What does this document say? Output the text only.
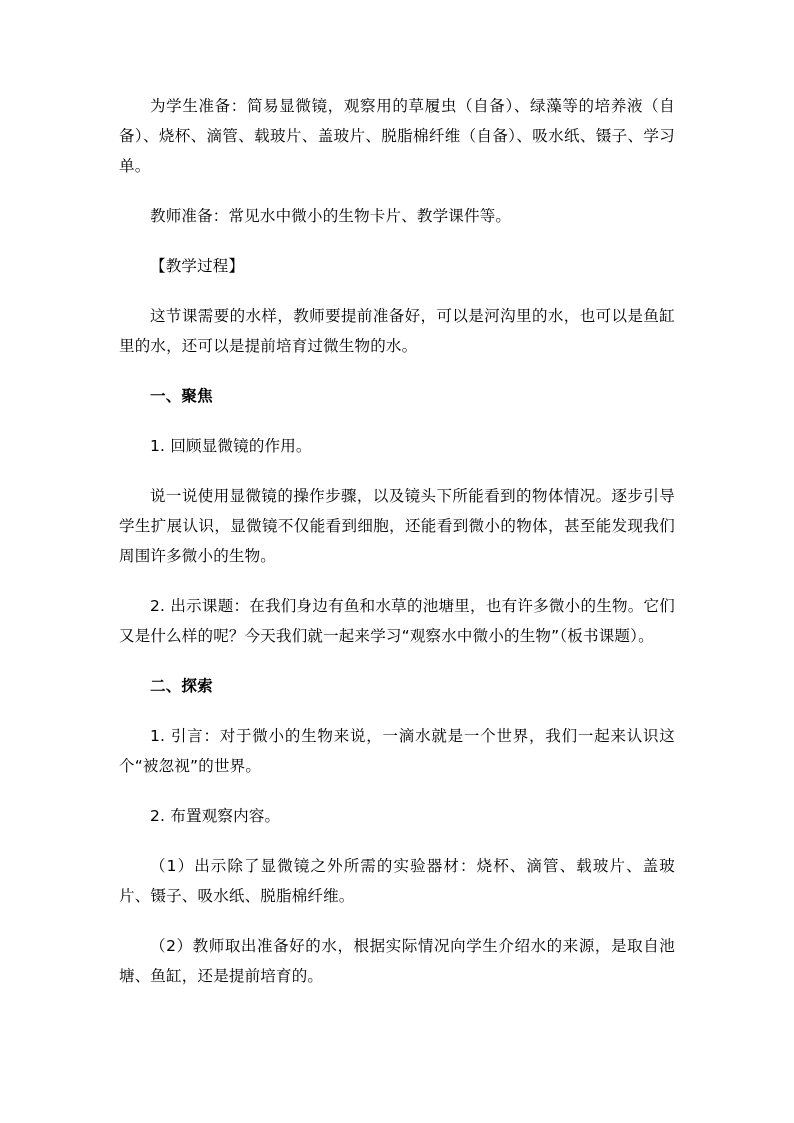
为学生准备：简易显微镜，观察用的草履虫（自备）、绿藻等的培养液（自备）、烧杯、滴管、载玻片、盖玻片、脱脂棉纤维（自备）、吸水纸、镊子、学习单。

教师准备：常见水中微小的生物卡片、教学课件等。

【教学过程】

这节课需要的水样，教师要提前准备好，可以是河沟里的水，也可以是鱼缸里的水，还可以是提前培育过微生物的水。

一、聚焦

1. 回顾显微镜的作用。

说一说使用显微镜的操作步骤，以及镜头下所能看到的物体情况。逐步引导学生扩展认识，显微镜不仅能看到细胞，还能看到微小的物体，甚至能发现我们周围许多微小的生物。

2. 出示课题：在我们身边有鱼和水草的池塘里，也有许多微小的生物。它们又是什么样的呢？今天我们就一起来学习“观察水中微小的生物”（板书课题）。

二、探索

1. 引言：对于微小的生物来说，一滴水就是一个世界，我们一起来认识这个“被忽视”的世界。

2. 布置观察内容。

（1）出示除了显微镜之外所需的实验器材：烧杯、滴管、载玻片、盖玻片、镊子、吸水纸、脱脂棉纤维。

（2）教师取出准备好的水，根据实际情况向学生介绍水的来源，是取自池塘、鱼缸，还是提前培育的。
